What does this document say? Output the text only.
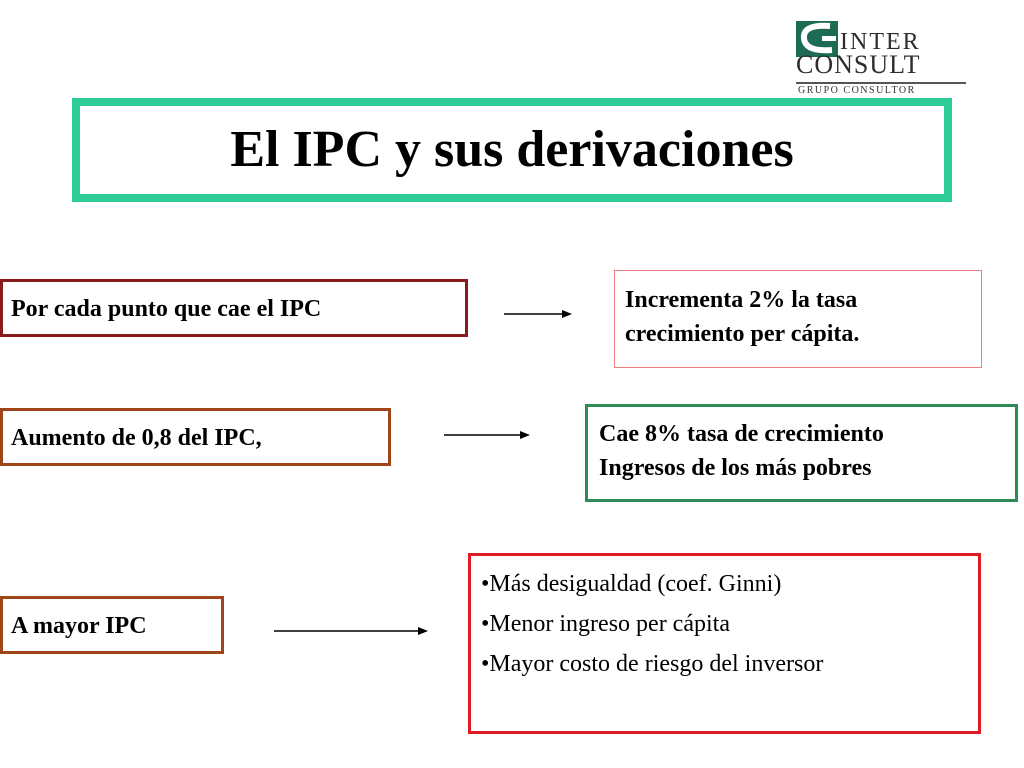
INTER
CONSULT
GRUPO CONSULTOR
El IPC y sus derivaciones
Por cada punto que cae el IPC	Incrementa 2% la tasa
crecimiento per cápita.
Aumento de 0,8 del IPC,	Cae 8% tasa de crecimiento
Ingresos de los más pobres
A mayor IPC
•Más desigualdad (coef. Ginni)
•Menor ingreso per cápita
•Mayor costo de riesgo del inversor
